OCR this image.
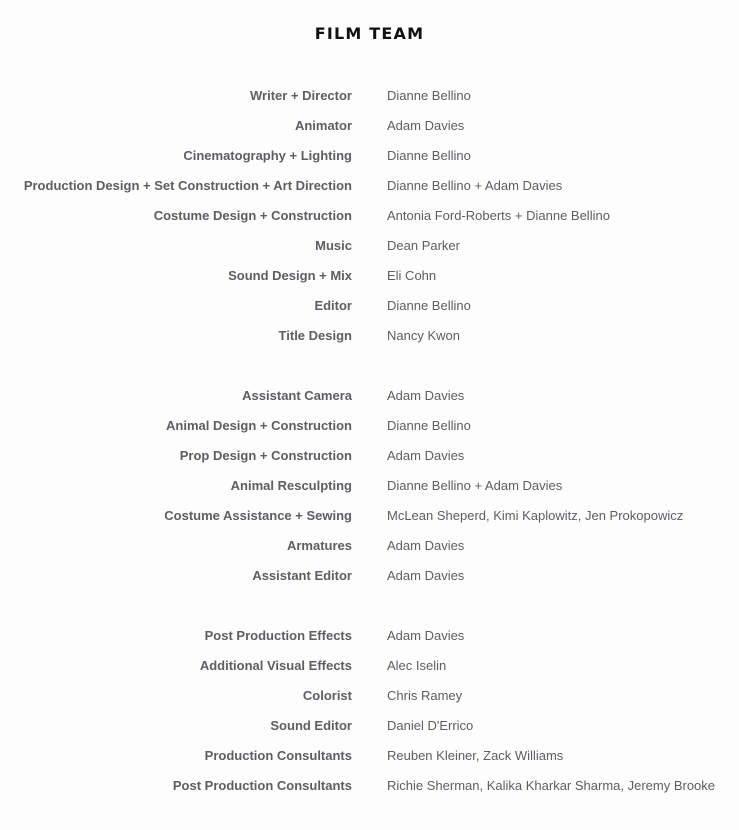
FILM TEAM
Writer + Director	Dianne Bellino
Animator	Adam Davies
Cinematography + Lighting	Dianne Bellino
Production Design + Set Construction + Art Direction	Dianne Bellino + Adam Davies
Costume Design + Construction	Antonia Ford-Roberts + Dianne Bellino
Music	Dean Parker
Sound Design + Mix	Eli Cohn
Editor	Dianne Bellino
Title Design	Nancy Kwon
Assistant Camera	Adam Davies
Animal Design + Construction	Dianne Bellino
Prop Design + Construction	Adam Davies
Animal Resculpting	Dianne Bellino + Adam Davies
Costume Assistance + Sewing	McLean Sheperd, Kimi Kaplowitz, Jen Prokopowicz
Armatures	Adam Davies
Assistant Editor	Adam Davies
Post Production Effects	Adam Davies
Additional Visual Effects	Alec Iselin
Colorist	Chris Ramey
Sound Editor	Daniel D'Errico
Production Consultants	Reuben Kleiner, Zack Williams
Post Production Consultants	Richie Sherman, Kalika Kharkar Sharma, Jeremy Brooke
